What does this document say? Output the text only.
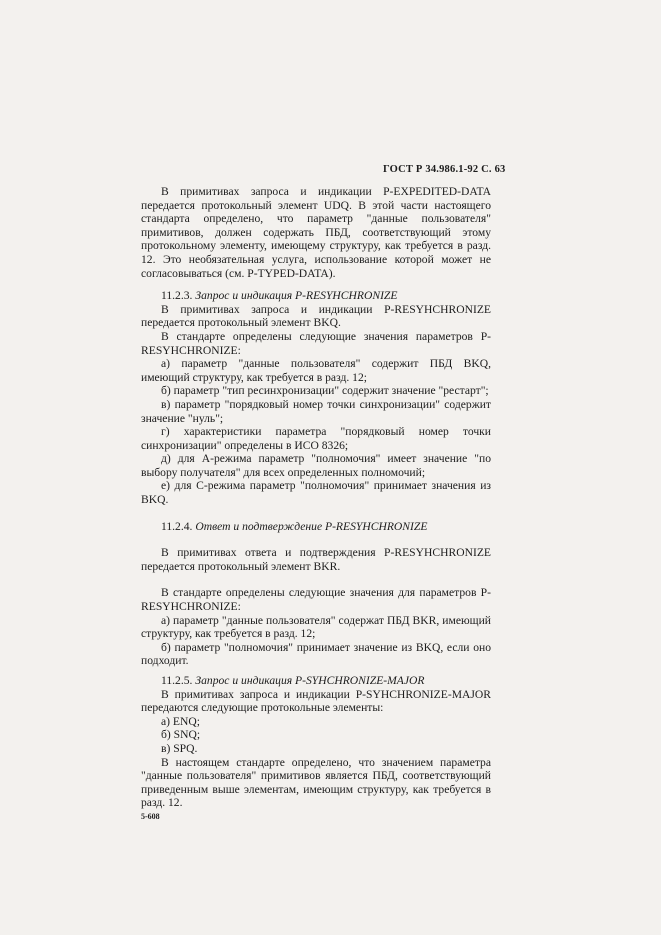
ГОСТ Р 34.986.1-92 С. 63

В примитивах запроса и индикации P-EXPEDITED-DATA передается протокольный элемент UDQ. В этой части настоящего стандарта определено, что параметр "данные пользователя" примитивов, должен содержать ПБД, соответствующий этому протокольному элементу, имеющему структуру, как требуется в разд. 12. Это необязательная услуга, использование которой может не согласовываться (см. P-TYPED-DATA).

11.2.3. Запрос и индикация P-RESYHCHRONIZE

В примитивах запроса и индикации P-RESYHCHRONIZE передается протокольный элемент BKQ.

В стандарте определены следующие значения параметров P-RESYHCHRONIZE:

а) параметр "данные пользователя" содержит ПБД BKQ, имеющий структуру, как требуется в разд. 12;

б) параметр "тип ресинхронизации" содержит значение "рестарт";

в) параметр "порядковый номер точки синхронизации" содержит значение "нуль";

г) характеристики параметра "порядковый номер точки синхронизации" определены в ИСО 8326;

д) для А-режима параметр "полномочия" имеет значение "по выбору получателя" для всех определенных полномочий;

е) для С-режима параметр "полномочия" принимает значения из BKQ.

11.2.4. Ответ и подтверждение P-RESYHCHRONIZE

В примитивах ответа и подтверждения P-RESYHCHRONIZE передается протокольный элемент BKR.

В стандарте определены следующие значения для параметров P-RESYHCHRONIZE:

а) параметр "данные пользователя" содержат ПБД BKR, имеющий структуру, как требуется в разд. 12;

б) параметр "полномочия" принимает значение из BKQ, если оно подходит.

11.2.5. Запрос и индикация P-SYHCHRONIZE-MAJOR

В примитивах запроса и индикации P-SYHCHRONIZE-MAJOR передаются следующие протокольные элементы:

а) ENQ;

б) SNQ;

в) SPQ.

В настоящем стандарте определено, что значением параметра "данные пользователя" примитивов является ПБД, соответствующий приведенным выше элементам, имеющим структуру, как требуется в разд. 12.

5-608
